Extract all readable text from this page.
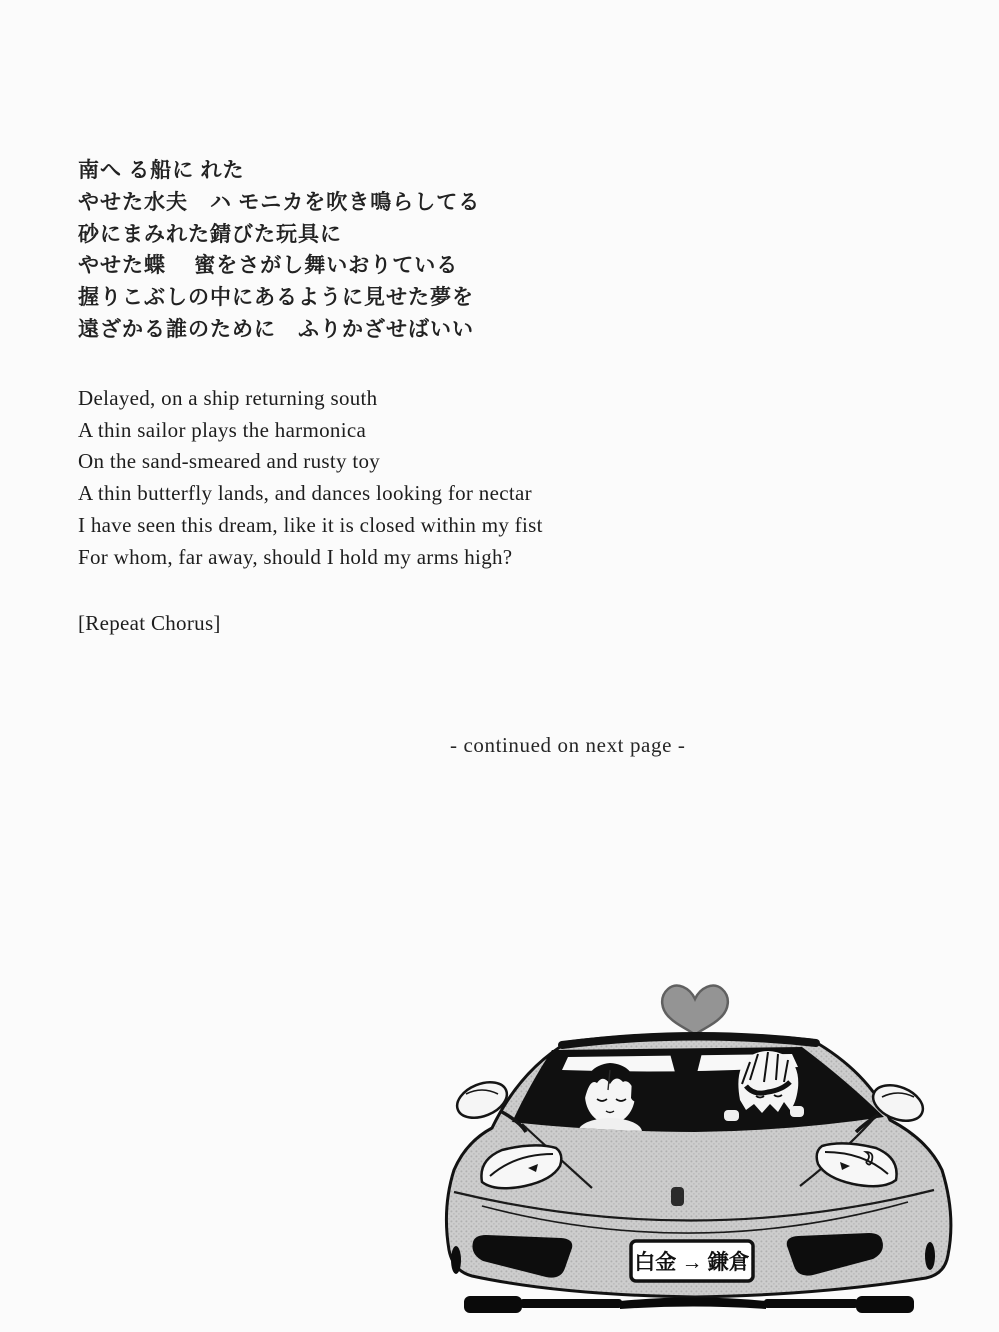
南へ る船に れた
やせた水夫　ハ モニカを吹き鳴らしてる
砂にまみれた錆びた玩具に
やせた蝶　 蜜をさがし舞いおりている
握りこぶしの中にあるように見せた夢を
遠ざかる誰のために　ふりかざせばいい
Delayed, on a ship returning south
A thin sailor plays the harmonica
On the sand-smeared and rusty toy
A thin butterfly lands, and dances looking for nectar
I have seen this dream, like it is closed within my fist
For whom, far away, should I hold my arms high?
[Repeat Chorus]
- continued on next page -
白金 → 鎌倉
